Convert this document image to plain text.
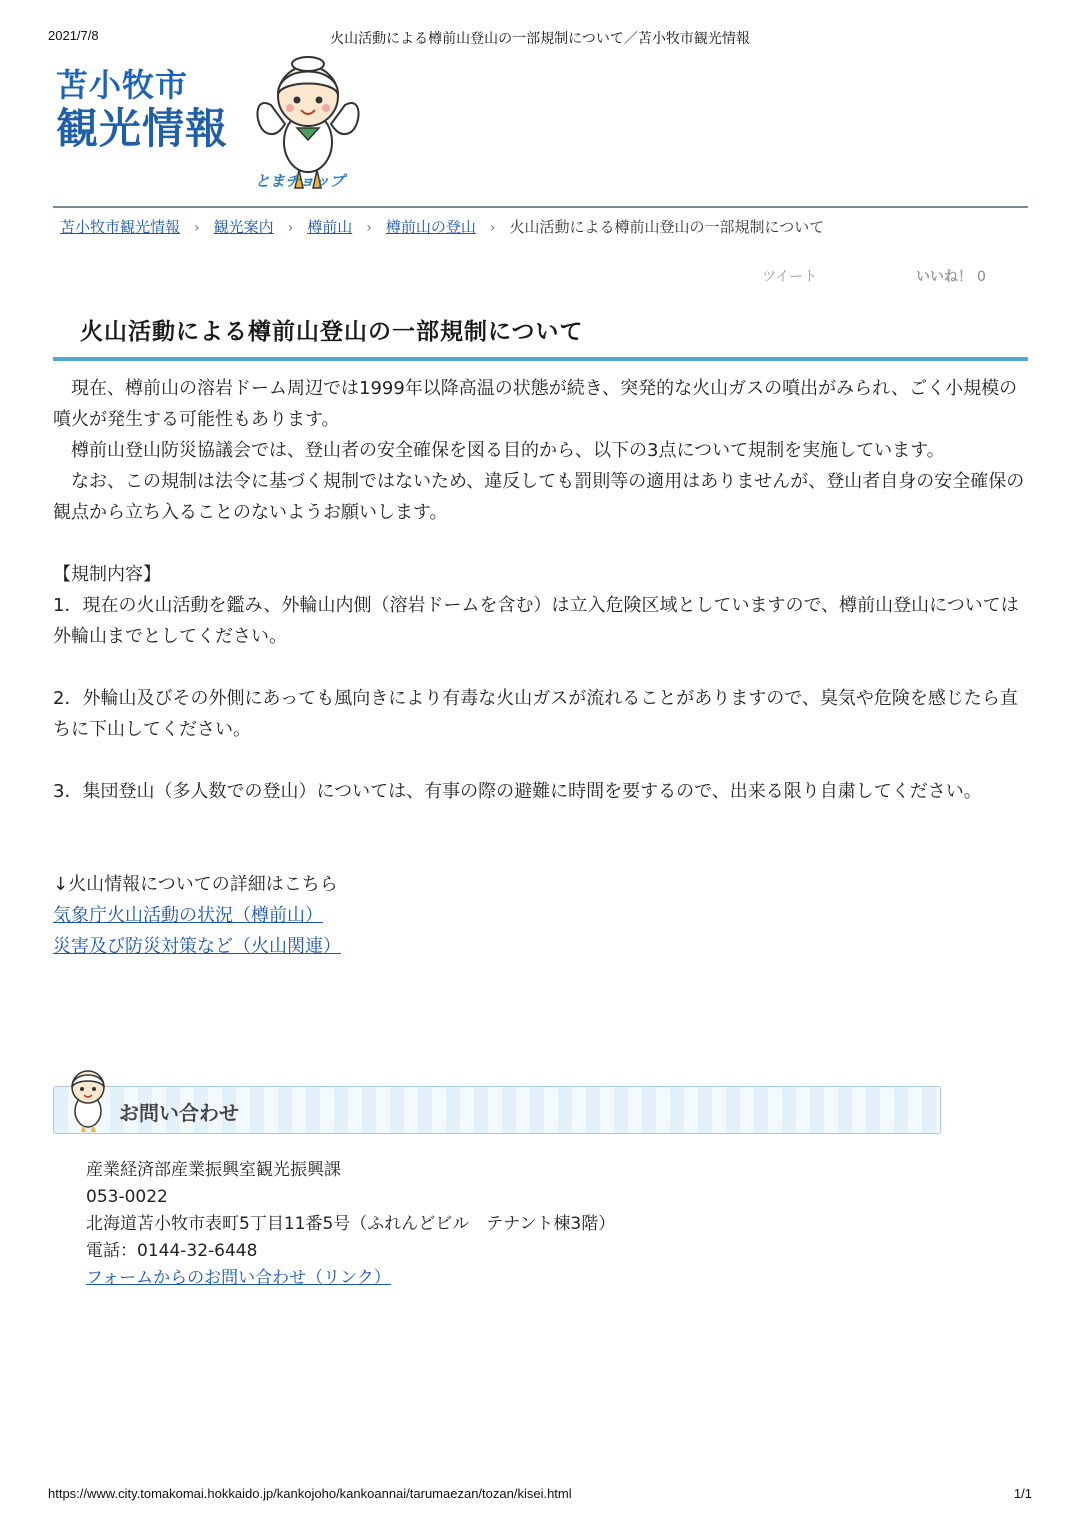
2021/7/8	火山活動による樽前山登山の一部規制について／苫小牧市観光情報
苫小牧市
観光情報
とまチョップ
苫小牧市観光情報 › 観光案内 › 樽前山 › 樽前山の登山 › 火山活動による樽前山登山の一部規制について
ツイート	いいね！ 0
火山活動による樽前山登山の一部規制について

現在、樽前山の溶岩ドーム周辺では1999年以降高温の状態が続き、突発的な火山ガスの噴出がみられ、ごく小規模の噴火が発生する可能性もあります。

樽前山登山防災協議会では、登山者の安全確保を図る目的から、以下の3点について規制を実施しています。

なお、この規制は法令に基づく規制ではないため、違反しても罰則等の適用はありませんが、登山者自身の安全確保の観点から立ち入ることのないようお願いします。

【規制内容】

1．現在の火山活動を鑑み、外輪山内側（溶岩ドームを含む）は立入危険区域としていますので、樽前山登山については外輪山までとしてください。

2．外輪山及びその外側にあっても風向きにより有毒な火山ガスが流れることがありますので、臭気や危険を感じたら直ちに下山してください。

3．集団登山（多人数での登山）については、有事の際の避難に時間を要するので、出来る限り自粛してください。

↓火山情報についての詳細はこちら

気象庁火山活動の状況（樽前山）

災害及び防災対策など（火山関連）

お問い合わせ

産業経済部産業振興室観光振興課

053-0022

北海道苫小牧市表町5丁目11番5号（ふれんどビル　テナント棟3階）

電話：0144-32-6448

フォームからのお問い合わせ（リンク）

https://www.city.tomakomai.hokkaido.jp/kankojoho/kankoannai/tarumaezan/tozan/kisei.html	1/1
